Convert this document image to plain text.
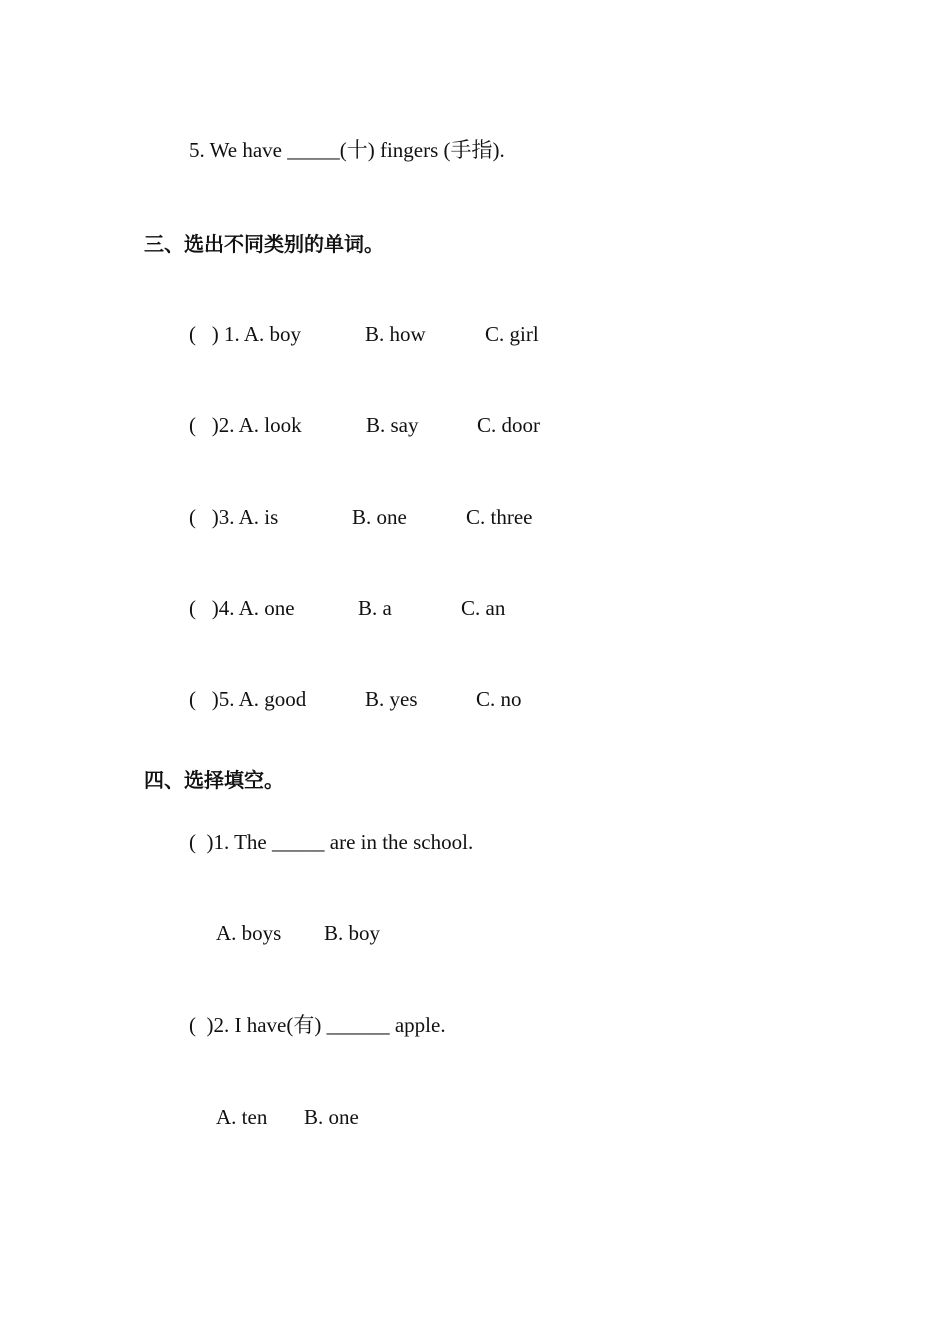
5. We have _____(十) fingers (手指).
三、选出不同类别的单词。
(   ) 1. A. boy	B. how	C. girl
(   )2. A. look	B. say	C. door
(   )3. A. is	B. one	C. three
(   )4. A. one	B. a	C. an
(   )5. A. good	B. yes	C. no
四、选择填空。
(  )1. The _____ are in the school.
A. boys B. boy
(  )2. I have(有) ______ apple.
A. ten B. one
